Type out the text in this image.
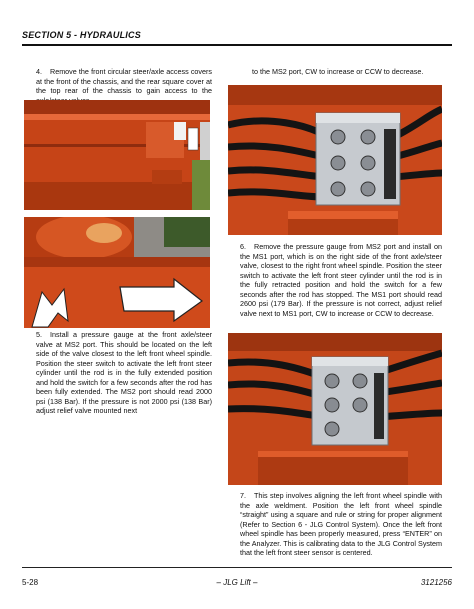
SECTION 5 - HYDRAULICS

4. Remove the front circular steer/axle access covers at the front of the chassis, and the rear square cover at the top rear of the chassis to gain access to the

to the MS2 port, CW to increase or CCW to decrease.

5. Install a pressure gauge at the front axle/steer valve at MS2 port. This should be located on the left side of the valve closest to the left front wheel spindle. Position the steer switch to activate the left front steer cylinder until the rod is in the fully extended position and hold the switch for a few seconds after the rod has been fully extended. The MS2 port should read 2000 psi (138 Bar). If the pressure is not 2000 psi (138 Bar) adjust relief valve mounted next

6. Remove the pressure gauge from MS2 port and install on the MS1 port, which is on the right side of the front axle/steer valve, closest to the right front wheel spindle. Position the steer switch to activate the left front steer cylinder until the rod is in the fully retracted position and hold the switch for a few seconds after the rod has stopped. The MS1 port should read 2600 psi (179 Bar). If the pressure is not correct, adjust relief valve next to MS1 port, CW to increase or CCW to decrease.

7. This step involves aligning the left front wheel spindle with the axle weldment. Position the left front wheel spindle “straight” using a square and rule or string for proper alignment (Refer to Section 6 - JLG Control System). Once the left front wheel spindle has been properly measured, press “ENTER” on the Analyzer. This is calibrating data to the JLG Control System that the left front steer sensor is centered.

5-28	– JLG Lift –	3121256
